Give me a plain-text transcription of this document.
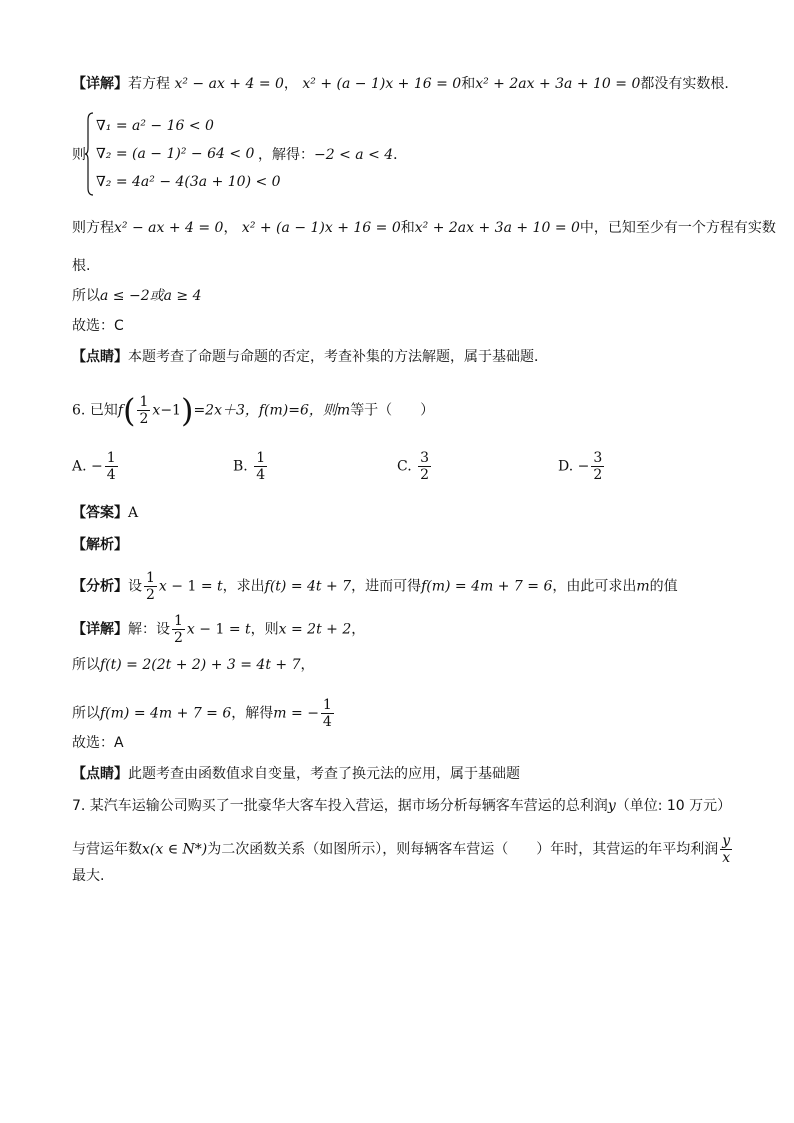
【详解】若方程 x² − ax + 4 = 0， x² + (a − 1)x + 16 = 0和x² + 2ax + 3a + 10 = 0都没有实数根.
则
∇₁ = a² − 16 < 0
∇₂ = (a − 1)² − 64 < 0
∇₂ = 4a² − 4(3a + 10) < 0
，解得：−2 < a < 4．
则方程x² − ax + 4 = 0， x² + (a − 1)x + 16 = 0和x² + 2ax + 3a + 10 = 0中，已知至少有一个方程有实数
根.
所以a ≤ −2或a ≥ 4
故选：C
【点睛】本题考查了命题与命题的否定，考查补集的方法解题，属于基础题．
6. 已知$f( \frac{1}{2} x-1)=2x+3$，f(m)=6，则m等于（　　）
A. − $\frac{1}{4}$	B. $\frac{1}{4}$	C. $\frac{3}{2}$	D. − $\frac{3}{2}$
【答案】A
【解析】
【分析】设 $\frac{1}{2}$ x − 1 = t，求出f(t) = 4t + 7，进而可得f(m) = 4m + 7 = 6，由此可求出m的值
【详解】解：设 $\frac{1}{2}$ x − 1 = t，则x = 2t + 2，
所以f(t) = 2(2t + 2) + 3 = 4t + 7，
所以f(m) = 4m + 7 = 6，解得m = − $\frac{1}{4}$
故选：A
【点睛】此题考查由函数值求自变量，考查了换元法的应用，属于基础题
7. 某汽车运输公司购买了一批豪华大客车投入营运，据市场分析每辆客车营运的总利润y（单位: 10 万元）
与营运年数x(x ∈ N*)为二次函数关系（如图所示），则每辆客车营运（　　）年时，其营运的年平均利润 $\frac{y}{x}$
最大.
